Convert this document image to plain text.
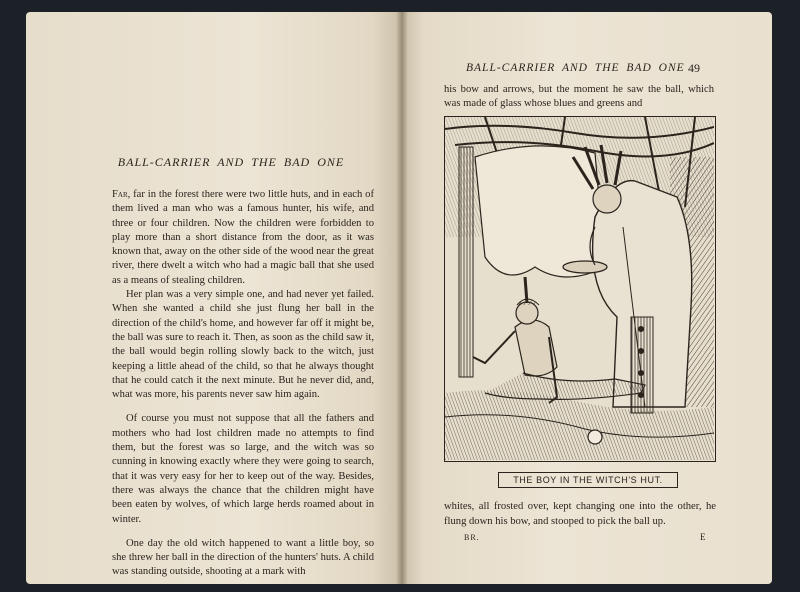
BALL-CARRIER AND THE BAD ONE

Far, far in the forest there were two little huts, and in each of them lived a man who was a famous hunter, his wife, and three or four children. Now the children were forbidden to play more than a short distance from the door, as it was known that, away on the other side of the wood near the great river, there dwelt a witch who had a magic ball that she used as a means of stealing children.

Her plan was a very simple one, and had never yet failed. When she wanted a child she just flung her ball in the direction of the child's home, and however far off it might be, the ball was sure to reach it. Then, as soon as the child saw it, the ball would begin rolling slowly back to the witch, just keeping a little ahead of the child, so that he always thought that he could catch it the next minute. But he never did, and, what was more, his parents never saw him again.

Of course you must not suppose that all the fathers and mothers who had lost children made no attempts to find them, but the forest was so large, and the witch was so cunning in knowing exactly where they were going to search, that it was very easy for her to keep out of the way. Besides, there was always the chance that the children might have been eaten by wolves, of which large herds roamed about in winter.

One day the old witch happened to want a little boy, so she threw her ball in the direction of the hunters' huts. A child was standing outside, shooting at a mark with

BALL-CARRIER AND THE BAD ONE 49

his bow and arrows, but the moment he saw the ball, which was made of glass whose blues and greens and

THE BOY IN THE WITCH'S HUT.

whites, all frosted over, kept changing one into the other, he flung down his bow, and stooped to pick the ball up.

BR.	E
